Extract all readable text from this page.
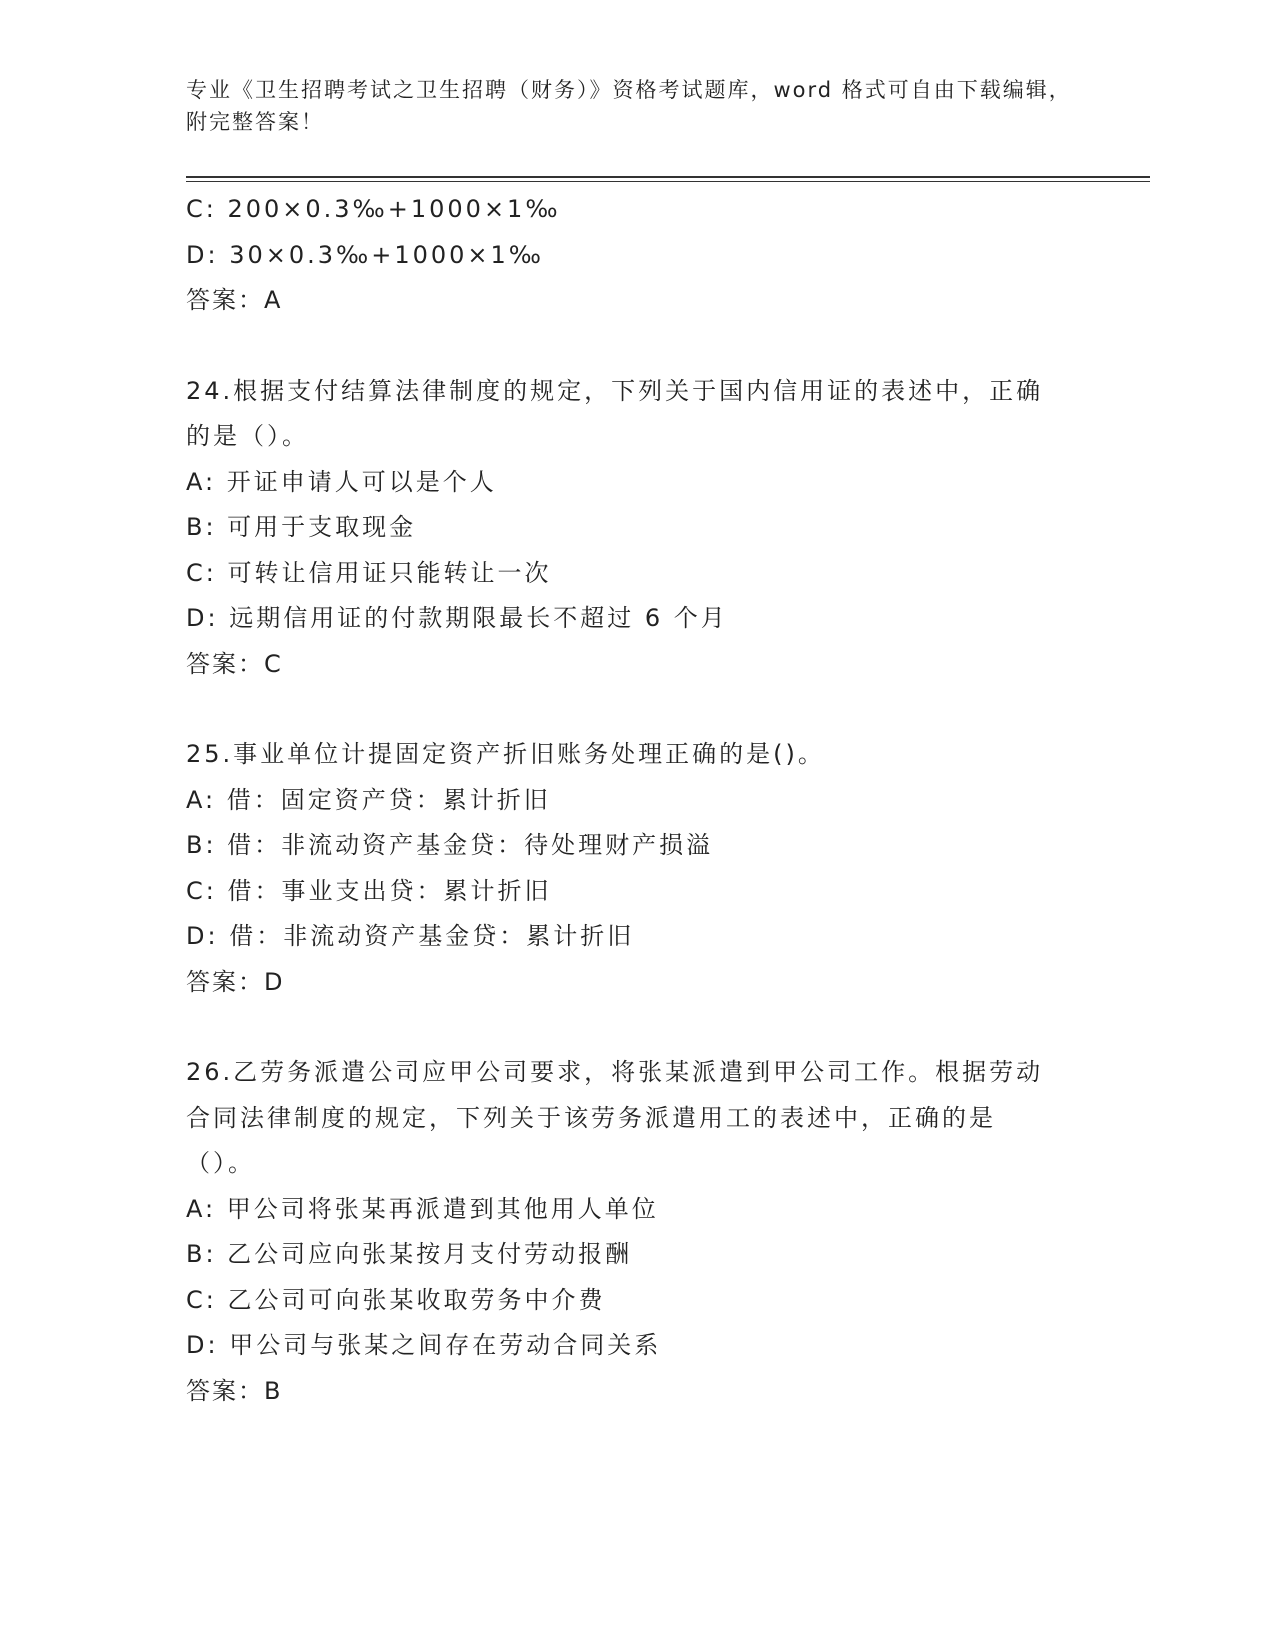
专业《卫生招聘考试之卫生招聘（财务）》资格考试题库，word 格式可自由下载编辑，附完整答案！

C: 200×0.3‰+1000×1‰
D: 30×0.3‰+1000×1‰
答案：A
24.根据支付结算法律制度的规定，下列关于国内信用证的表述中，正确的是（）。
A: 开证申请人可以是个人
B: 可用于支取现金
C: 可转让信用证只能转让一次
D: 远期信用证的付款期限最长不超过 6 个月
答案：C
25.事业单位计提固定资产折旧账务处理正确的是()。
A: 借：固定资产贷：累计折旧
B: 借：非流动资产基金贷：待处理财产损溢
C: 借：事业支出贷：累计折旧
D: 借：非流动资产基金贷：累计折旧
答案：D
26.乙劳务派遣公司应甲公司要求，将张某派遣到甲公司工作。根据劳动合同法律制度的规定，下列关于该劳务派遣用工的表述中，正确的是（）。
A: 甲公司将张某再派遣到其他用人单位
B: 乙公司应向张某按月支付劳动报酬
C: 乙公司可向张某收取劳务中介费
D: 甲公司与张某之间存在劳动合同关系
答案：B
